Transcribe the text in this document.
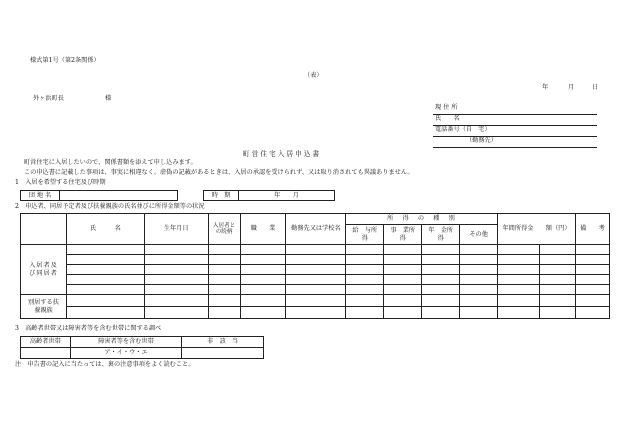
様式第1号（第2条関係）
（表）
年	月	日
外ヶ浜町長	様
現 住 所
氏　　名
電話番号（自　宅）
（勤務先）
町 営 住 宅 入 居 申 込 書
町営住宅に入居したいので、関係書類を添えて申し込みます。
この申込書に記載した事項は、事実に相違なく、虚偽の記載があるときは、入居の承認を受けられず、又は取り消されても異議ありません。
1　入居を希望する住宅及び時期
団 地 名		時　期	年　　月
2　申込者、同居予定者及び扶養親族の氏名並びに所得金額等の状況
	氏　　　名	生年月日	入居者との続柄	職　　業	勤務先又は学校名	所　得　の　種　別				年間所得金　　額（円）		備　　考
						給　与所　得	事　業所　得	年　金所　得	その他			
入居者及び同居者												

別居する扶養親族												

3　高齢者世帯又は障害者等を含む世帯に関する調べ
高齢者世帯	障害者等を含む世帯	非　該　当
	ア・イ・ウ・エ	
注　申告書の記入に当たっては、裏の注意事項をよく読むこと。
